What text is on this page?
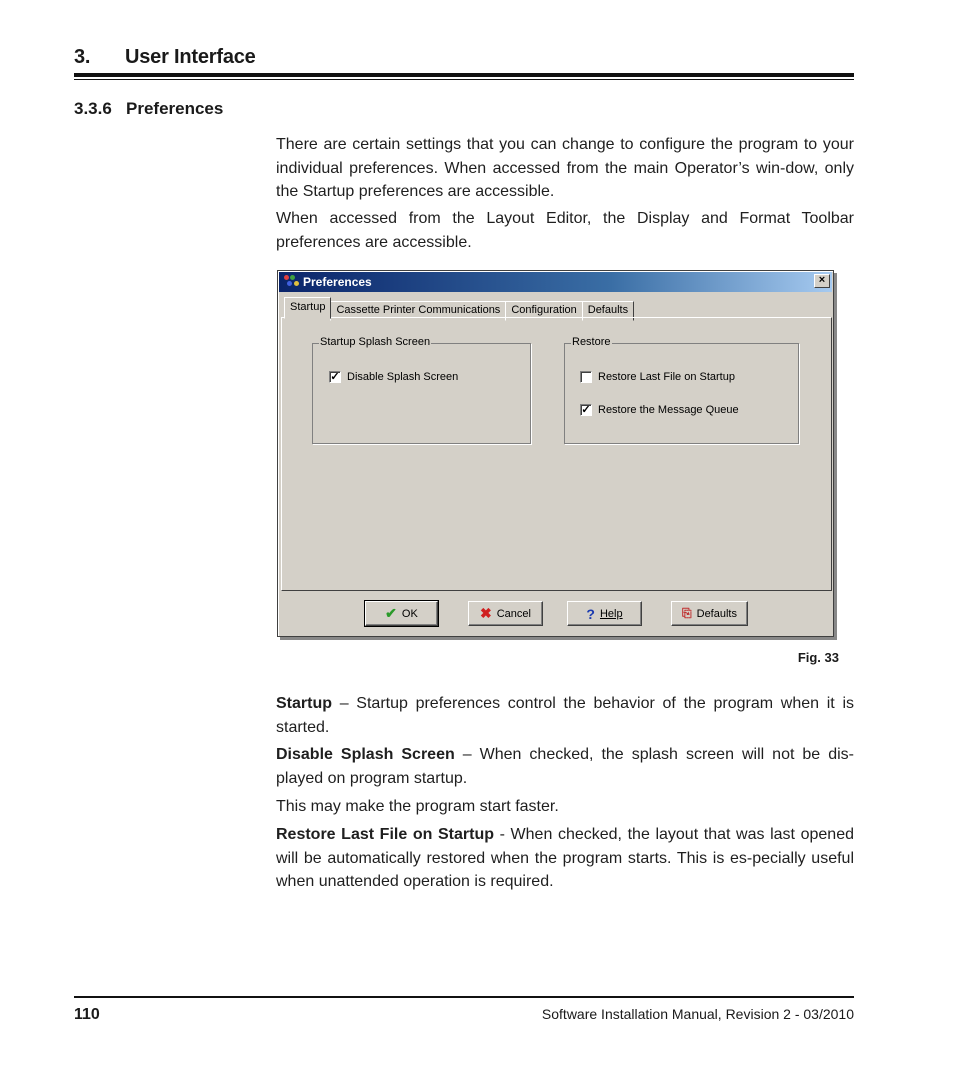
3.	User Interface
3.3.6 Preferences

There are certain settings that you can change to configure the program to your individual preferences. When accessed from the main Operator’s win-dow, only the Startup preferences are accessible.

When accessed from the Layout Editor, the Display and Format Toolbar preferences are accessible.

Preferences	×
Startup	Cassette Printer Communications	Configuration	Defaults
Startup Splash Screen
✓ Disable Splash Screen
Restore
Restore Last File on Startup
✓ Restore the Message Queue
✔ OK	✖ Cancel	? Help	⎘ Defaults
Fig. 33

Startup – Startup preferences control the behavior of the program when it is started.

Disable Splash Screen – When checked, the splash screen will not be dis-played on program startup.

This may make the program start faster.

Restore Last File on Startup - When checked, the layout that was last opened will be automatically restored when the program starts. This is es-pecially useful when unattended operation is required.

110	Software Installation Manual, Revision 2 - 03/2010
